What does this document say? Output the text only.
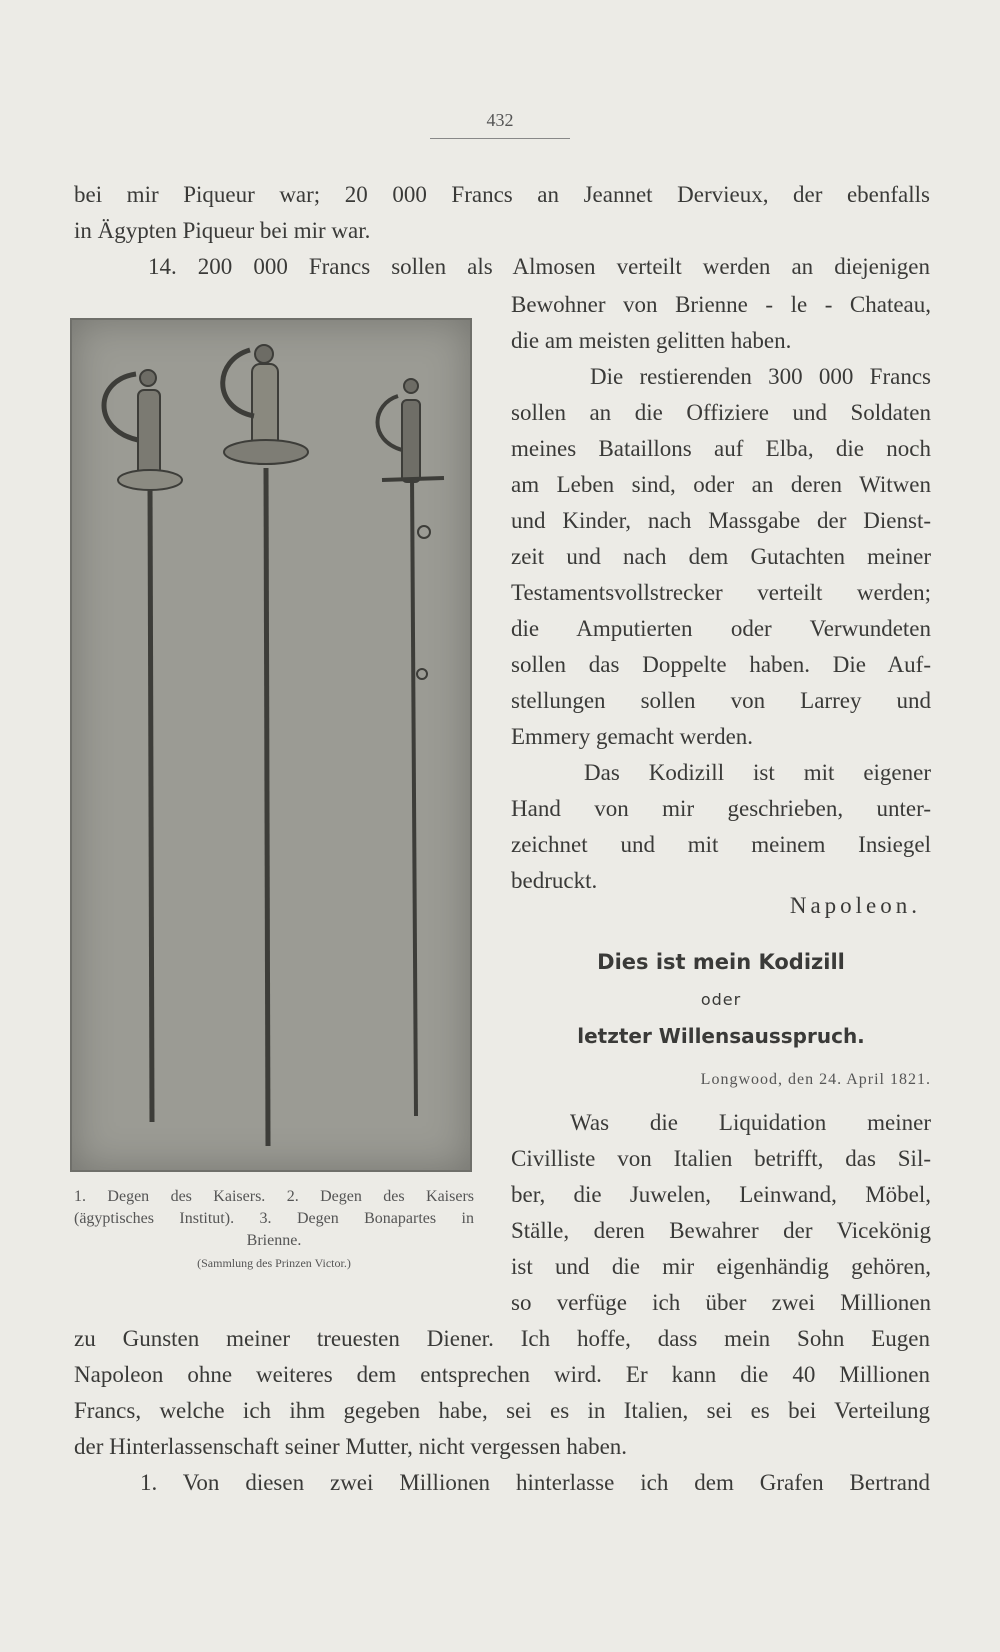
432
bei mir Piqueur war; 20 000 Francs an Jeannet Dervieux, der ebenfalls
in Ägypten Piqueur bei mir war.
14. 200 000 Francs sollen als Almosen verteilt werden an diejenigen
Bewohner von Brienne - le - Chateau,
die am meisten gelitten haben.
Die restierenden 300 000 Francs
sollen an die Offiziere und Soldaten
meines Bataillons auf Elba, die noch
am Leben sind, oder an deren Witwen
und Kinder, nach Massgabe der Dienst-
zeit und nach dem Gutachten meiner
Testamentsvollstrecker verteilt werden;
die Amputierten oder Verwundeten
sollen das Doppelte haben. Die Auf-
stellungen sollen von Larrey und
Emmery gemacht werden.
Das Kodizill ist mit eigener
Hand von mir geschrieben, unter-
zeichnet und mit meinem Insiegel
bedruckt.
Napoleon.
Dies ist mein Kodizill
oder
letzter Willensausspruch.
Longwood, den 24. April 1821.
Was die Liquidation meiner
Civilliste von Italien betrifft, das Sil-
ber, die Juwelen, Leinwand, Möbel,
Ställe, deren Bewahrer der Vicekönig
ist und die mir eigenhändig gehören,
so verfüge ich über zwei Millionen
1. Degen des Kaisers. 2. Degen des Kaisers
(ägyptisches Institut). 3. Degen Bonapartes in
Brienne.
(Sammlung des Prinzen Victor.)
zu Gunsten meiner treuesten Diener. Ich hoffe, dass mein Sohn Eugen
Napoleon ohne weiteres dem entsprechen wird. Er kann die 40 Millionen
Francs, welche ich ihm gegeben habe, sei es in Italien, sei es bei Verteilung
der Hinterlassenschaft seiner Mutter, nicht vergessen haben.
1. Von diesen zwei Millionen hinterlasse ich dem Grafen Bertrand
